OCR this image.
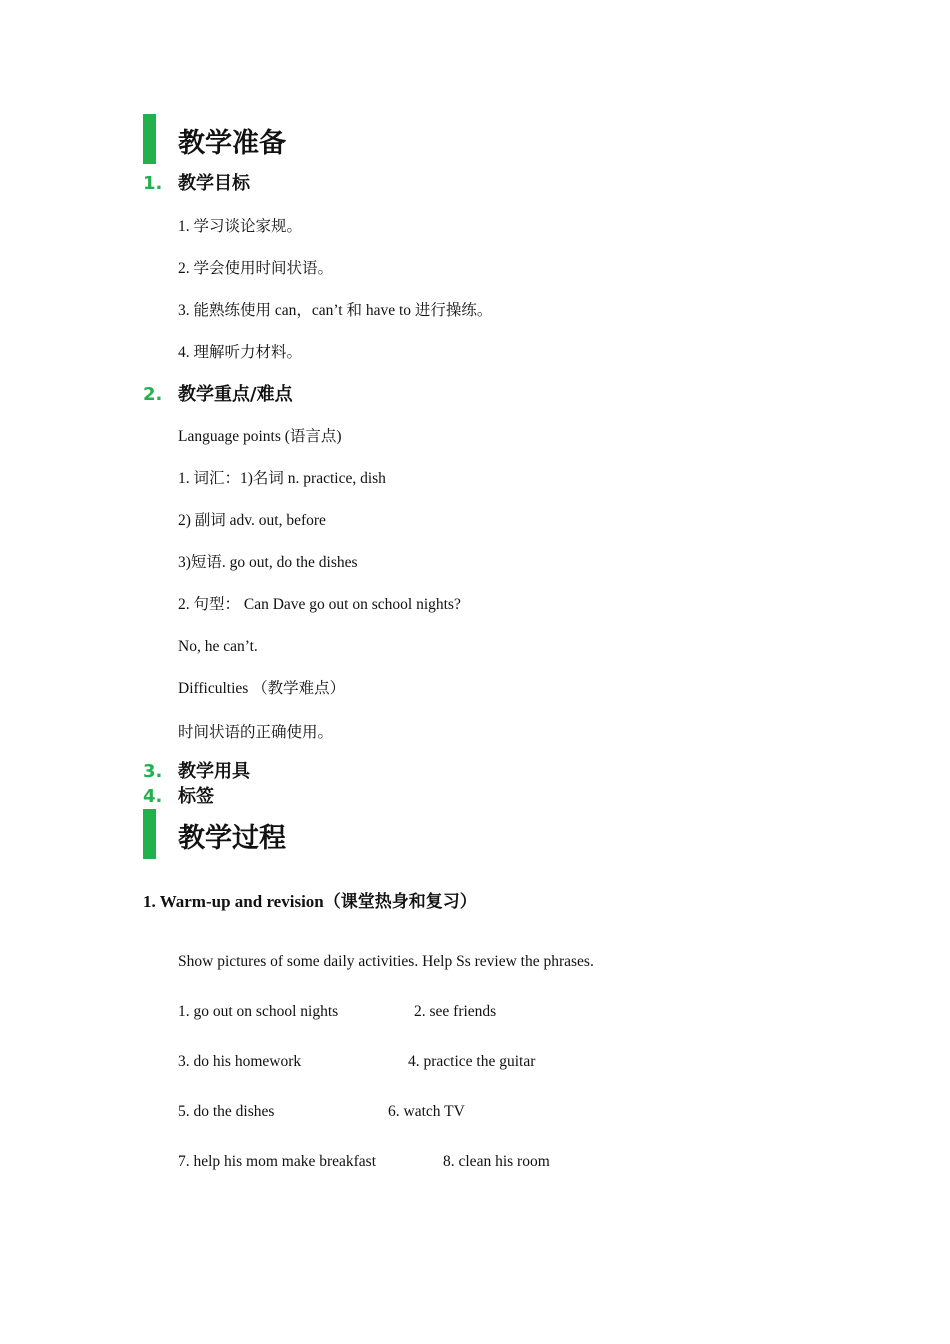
教学准备
1. 教学目标
1. 学习谈论家规。
2. 学会使用时间状语。
3. 能熟练使用 can，can’t 和 have to 进行操练。
4. 理解听力材料。
2. 教学重点/难点
Language points (语言点)
1. 词汇：1)名词 n. practice, dish
2) 副词 adv. out, before
3)短语. go out, do the dishes
2. 句型： Can Dave go out on school nights?
No, he can’t.
Difficulties （教学难点）
时间状语的正确使用。
3. 教学用具
4. 标签
教学过程
1. Warm-up and revision（课堂热身和复习）
Show pictures of some daily activities. Help Ss review the phrases.
1. go out on school nights	2. see friends
3. do his homework	4. practice the guitar
5. do the dishes	6. watch TV
7. help his mom make breakfast	8. clean his room
